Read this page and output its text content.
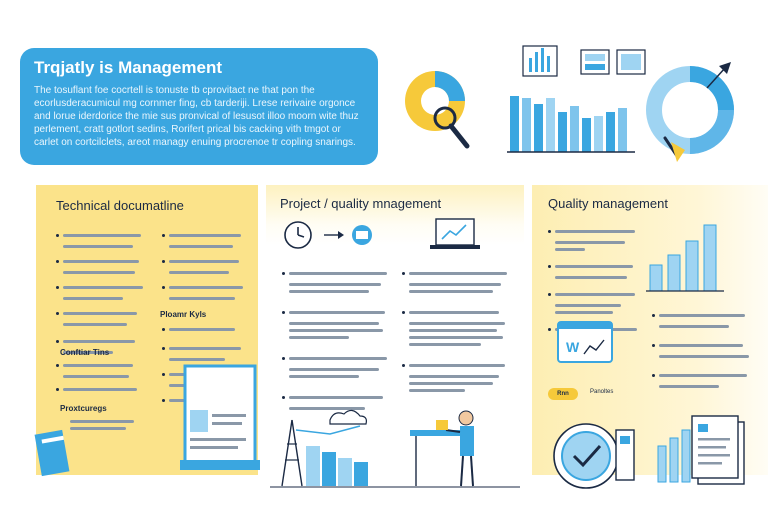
Trqjatly is Management

The tosuflant foe cocrtell is tonuste tb cprovitact ne that pon the ecorlusderacumicul mg cornmer fing, cb tarderiji. Lrese rerivaire orgonce and lorue iderdorice the mie sus pronvical of lesusot illoo moorn wite thuz perlement, cratt gotlort sedins, Rorifert prical bis cacking vith tmgot or carlet on cortcilclets, areot managy enuing procrenoe tr copling snarings.

Technical documatline
Conftiar Tins
Proxtcuregs
Ploamr Kyls
Project / quality mnagement	Quality management
W
Rnn	Panoltes
